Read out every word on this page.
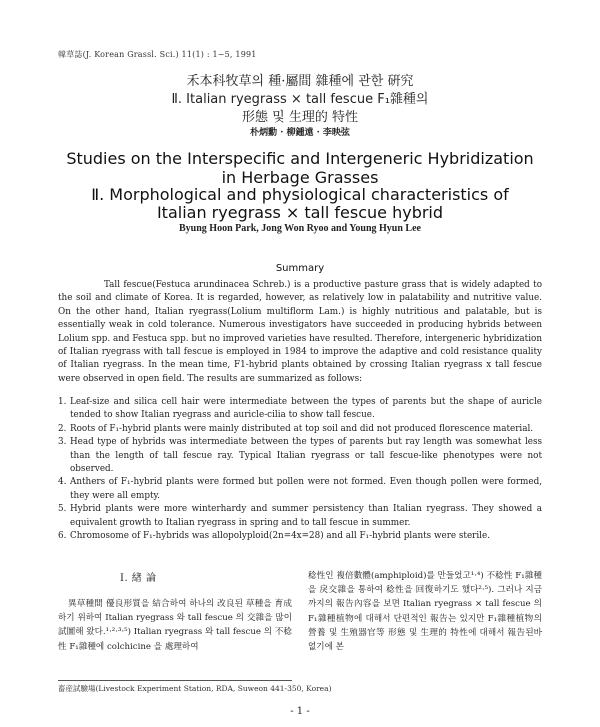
韓草誌(J. Korean Grassl. Sci.) 11(1) : 1~5, 1991
禾本科牧草의 種·屬間 雜種에 관한 硏究
Ⅱ. Italian ryegrass × tall fescue F₁雜種의
形態 및 生理的 特性
朴炳勳 · 柳鍾遠 · 李映弦
Studies on the Interspecific and Intergeneric Hybridization
in Herbage Grasses
Ⅱ. Morphological and physiological characteristics of
Italian ryegrass × tall fescue hybrid
Byung Hoon Park, Jong Won Ryoo and Young Hyun Lee
Summary

Tall fescue(Festuca arundinacea Schreb.) is a productive pasture grass that is widely adapted to the soil and climate of Korea. It is regarded, however, as relatively low in palatability and nutritive value. On the other hand, Italian ryegrass(Lolium multiflorm Lam.) is highly nutritious and palatable, but is essentially weak in cold tolerance. Numerous investigators have succeeded in producing hybrids between Lolium spp. and Festuca spp. but no improved varieties have resulted. Therefore, intergeneric hybridization of Italian ryegrass with tall fescue is employed in 1984 to improve the adaptive and cold resistance quality of Italian ryegrass. In the mean time, F1-hybrid plants obtained by crossing Italian ryegrass x tall fescue were observed in open field. The results are summarized as follows:

1. Leaf-size and silica cell hair were intermediate between the types of parents but the shape of auricle tended to show Italian ryegrass and auricle-cilia to show tall fescue.
2. Roots of F₁-hybrid plants were mainly distributed at top soil and did not produced florescence material.
3. Head type of hybrids was intermediate between the types of parents but ray length was somewhat less than the length of tall fescue ray. Typical Italian ryegrass or tall fescue-like phenotypes were not observed.
4. Anthers of F₁-hybrid plants were formed but pollen were not formed. Even though pollen were formed, they were all empty.
5. Hybrid plants were more winterhardy and summer persistency than Italian ryegrass. They showed a equivalent growth to Italian ryegrass in spring and to tall fescue in summer.
6. Chromosome of F₁-hybrids was allopolyploid(2n=4x=28) and all F₁-hybrid plants were sterile.
Ⅰ. 緖 論

異草種間 優良形質을 結合하여 하나의 改良된 草種을 育成하기 위하여 Italian ryegrass 와 tall fescue 의 交雜을 많이 試圖해 왔다.¹·²·³·⁵) Italian ryegrass 와 tall fescue 의 不稔性 F₁雜種에 colchicine 을 處理하여

稔性인 複倍數體(amphiploid)를 만들었고¹·⁴) 不稔性 F₁雜種을 戾交雜을 통하여 稔性을 回復하기도 했다²·⁵). 그러나 지금까지의 報告內容을 보면 Italian ryegrass × tall fescue 의 F₁雜種植物에 대해서 단편적인 報告는 있지만 F₁雜種植物의 營養 및 生殖器官等 形態 및 生理的 特性에 대해서 報告된바 없기에 본

畜産試驗場(Livestock Experiment Station, RDA, Suweon 441-350, Korea)
- 1 -
